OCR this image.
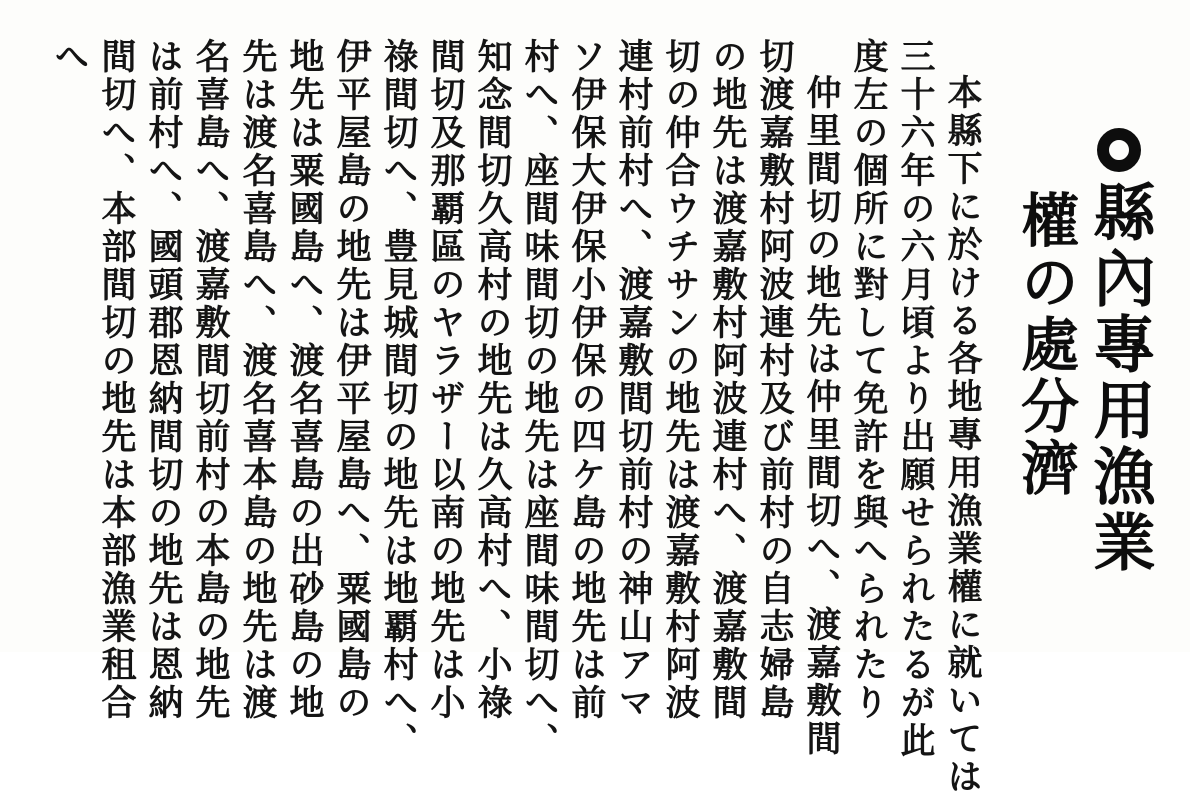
縣內專用漁業
權の處分濟
本縣下に於ける各地專用漁業權に就いては
三十六年の六月頃より出願せられたるが此
度左の個所に對して免許を與へられたり
仲里間切の地先は仲里間切へ、渡嘉敷間
切渡嘉敷村阿波連村及び前村の自志婦島
の地先は渡嘉敷村阿波連村へ、渡嘉敷間
切の仲合ウチサンの地先は渡嘉敷村阿波
連村前村へ、渡嘉敷間切前村の神山アマ
ソ伊保大伊保小伊保の四ケ島の地先は前
村へ、座間味間切の地先は座間味間切へ、
知念間切久高村の地先は久高村へ、小祿
間切及那覇區のヤラザー以南の地先は小
祿間切へ、豊見城間切の地先は地覇村へ、
伊平屋島の地先は伊平屋島へ、粟國島の
地先は粟國島へ、渡名喜島の出砂島の地
先は渡名喜島へ、渡名喜本島の地先は渡
名喜島へ、渡嘉敷間切前村の本島の地先
は前村へ、國頭郡恩納間切の地先は恩納
間切へ、本部間切の地先は本部漁業租合
へ
